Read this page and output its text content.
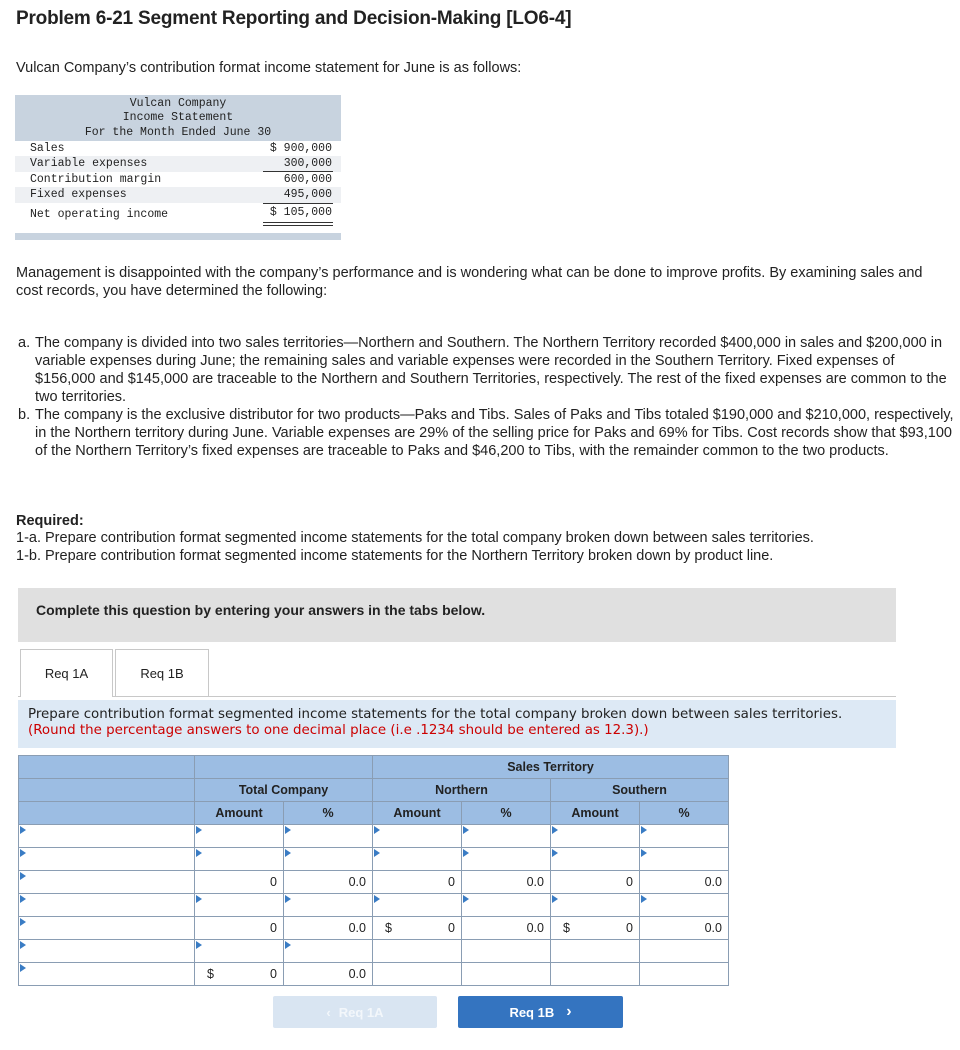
Problem 6-21 Segment Reporting and Decision-Making [LO6-4]
Vulcan Company’s contribution format income statement for June is as follows:
Vulcan Company
Income Statement
For the Month Ended June 30
Sales	$ 900,000
Variable expenses	300,000
Contribution margin	600,000
Fixed expenses	495,000
Net operating income	$ 105,000
Management is disappointed with the company’s performance and is wondering what can be done to improve profits. By examining sales and cost records, you have determined the following:
a. The company is divided into two sales territories—Northern and Southern. The Northern Territory recorded $400,000 in sales and $200,000 in variable expenses during June; the remaining sales and variable expenses were recorded in the Southern Territory. Fixed expenses of $156,000 and $145,000 are traceable to the Northern and Southern Territories, respectively. The rest of the fixed expenses are common to the two territories.
b. The company is the exclusive distributor for two products—Paks and Tibs. Sales of Paks and Tibs totaled $190,000 and $210,000, respectively, in the Northern territory during June. Variable expenses are 29% of the selling price for Paks and 69% for Tibs. Cost records show that $93,100 of the Northern Territory’s fixed expenses are traceable to Paks and $46,200 to Tibs, with the remainder common to the two products.
Required:
1-a. Prepare contribution format segmented income statements for the total company broken down between sales territories.
1-b. Prepare contribution format segmented income statements for the Northern Territory broken down by product line.
Complete this question by entering your answers in the tabs below.
Req 1A	Req 1B
Prepare contribution format segmented income statements for the total company broken down between sales territories. (Round the percentage answers to one decimal place (i.e .1234 should be entered as 12.3).)
			Sales Territory			
	Total Company		Northern		Southern	
	Amount	%	Amount	%	Amount	%

	0	0.0	0	0.0	0	0.0

	0	0.0	$ 0	0.0	$ 0	0.0

	$ 0	0.0				
‹ Req 1A	Req 1B ›
